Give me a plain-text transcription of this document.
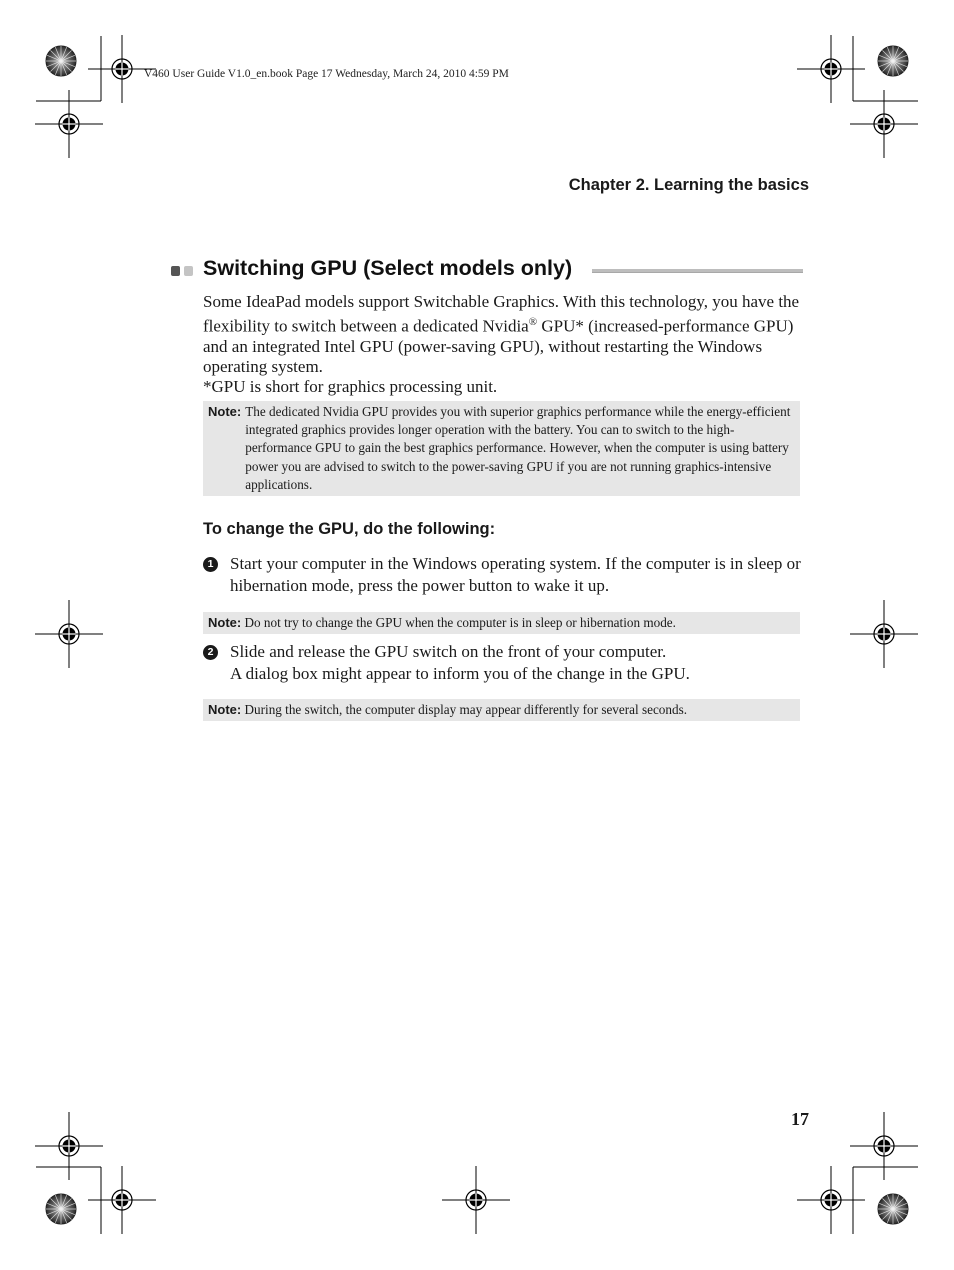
V460 User Guide V1.0_en.book Page 17 Wednesday, March 24, 2010 4:59 PM
Chapter 2. Learning the basics
Switching GPU (Select models only)

Some IdeaPad models support Switchable Graphics. With this technology, you have the flexibility to switch between a dedicated Nvidia® GPU* (increased-performance GPU) and an integrated Intel GPU (power-saving GPU), without restarting the Windows operating system.

*GPU is short for graphics processing unit.

Note: The dedicated Nvidia GPU provides you with superior graphics performance while the energy-efficient integrated graphics provides longer operation with the battery. You can to switch to the high-performance GPU to gain the best graphics performance. However, when the computer is using battery power you are advised to switch to the power-saving GPU if you are not running graphics-intensive applications.
To change the GPU, do the following:
1 Start your computer in the Windows operating system. If the computer is in sleep or hibernation mode, press the power button to wake it up.
Note: Do not try to change the GPU when the computer is in sleep or hibernation mode.
2 Slide and release the GPU switch on the front of your computer.
A dialog box might appear to inform you of the change in the GPU.
Note: During the switch, the computer display may appear differently for several seconds.
17
